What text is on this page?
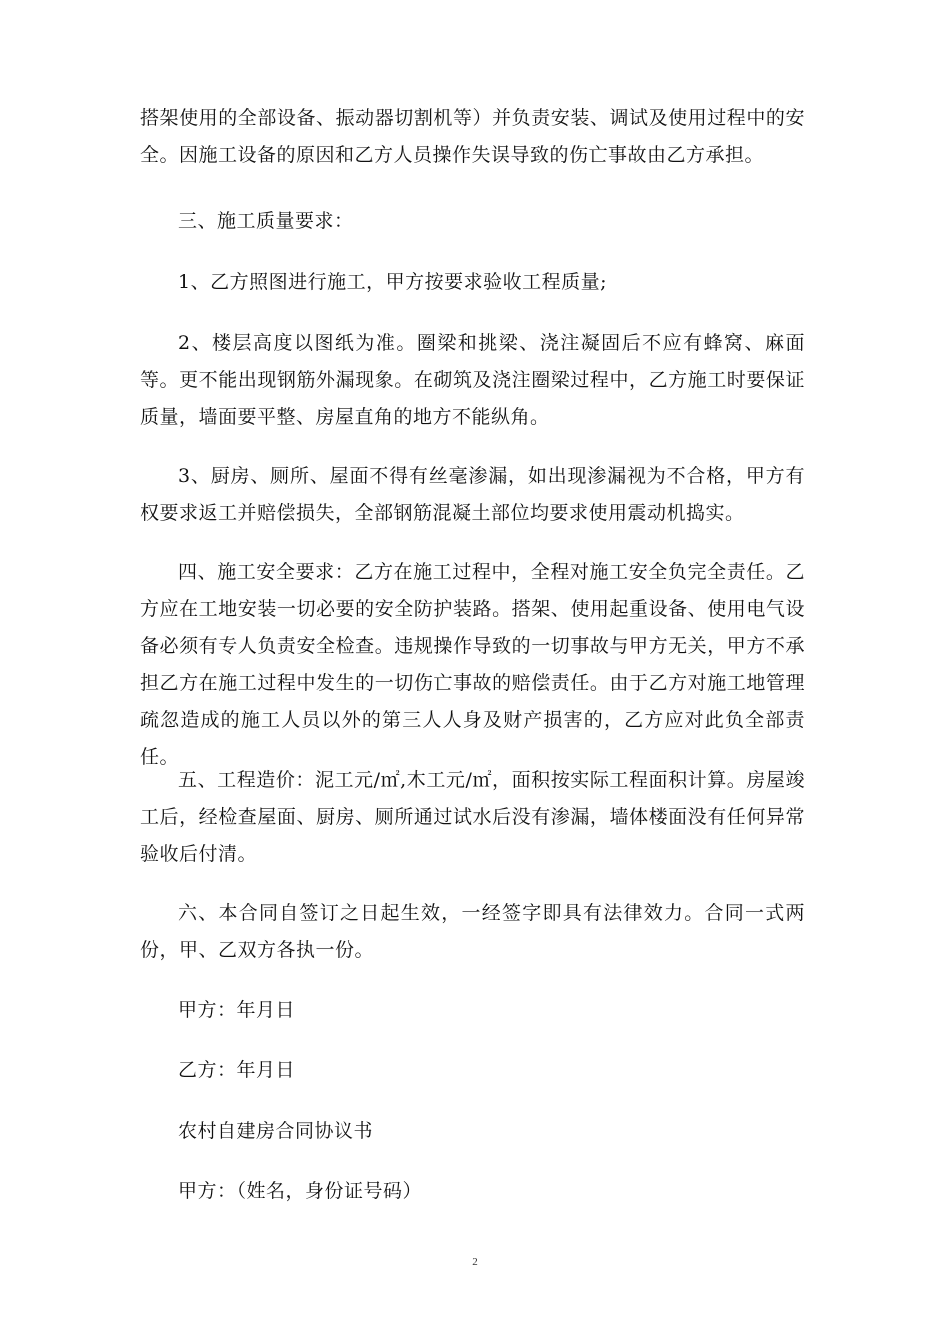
搭架使用的全部设备、振动器切割机等）并负责安装、调试及使用过程中的安全。因施工设备的原因和乙方人员操作失误导致的伤亡事故由乙方承担。

三、施工质量要求：

1、乙方照图进行施工，甲方按要求验收工程质量;

2、楼层高度以图纸为准。圈梁和挑梁、浇注凝固后不应有蜂窝、麻面等。更不能出现钢筋外漏现象。在砌筑及浇注圈梁过程中，乙方施工时要保证质量，墙面要平整、房屋直角的地方不能纵角。

3、厨房、厕所、屋面不得有丝毫渗漏，如出现渗漏视为不合格，甲方有权要求返工并赔偿损失，全部钢筋混凝土部位均要求使用震动机捣实。

四、施工安全要求：乙方在施工过程中，全程对施工安全负完全责任。乙方应在工地安装一切必要的安全防护装路。搭架、使用起重设备、使用电气设备必须有专人负责安全检查。违规操作导致的一切事故与甲方无关，甲方不承担乙方在施工过程中发生的一切伤亡事故的赔偿责任。由于乙方对施工地管理疏忽造成的施工人员以外的第三人人身及财产损害的，乙方应对此负全部责任。

五、工程造价：泥工元/㎡,木工元/㎡，面积按实际工程面积计算。房屋竣工后，经检查屋面、厨房、厕所通过试水后没有渗漏，墙体楼面没有任何异常验收后付清。

六、本合同自签订之日起生效，一经签字即具有法律效力。合同一式两份，甲、乙双方各执一份。

甲方：年月日

乙方：年月日

农村自建房合同协议书

甲方：（姓名，身份证号码）

2
